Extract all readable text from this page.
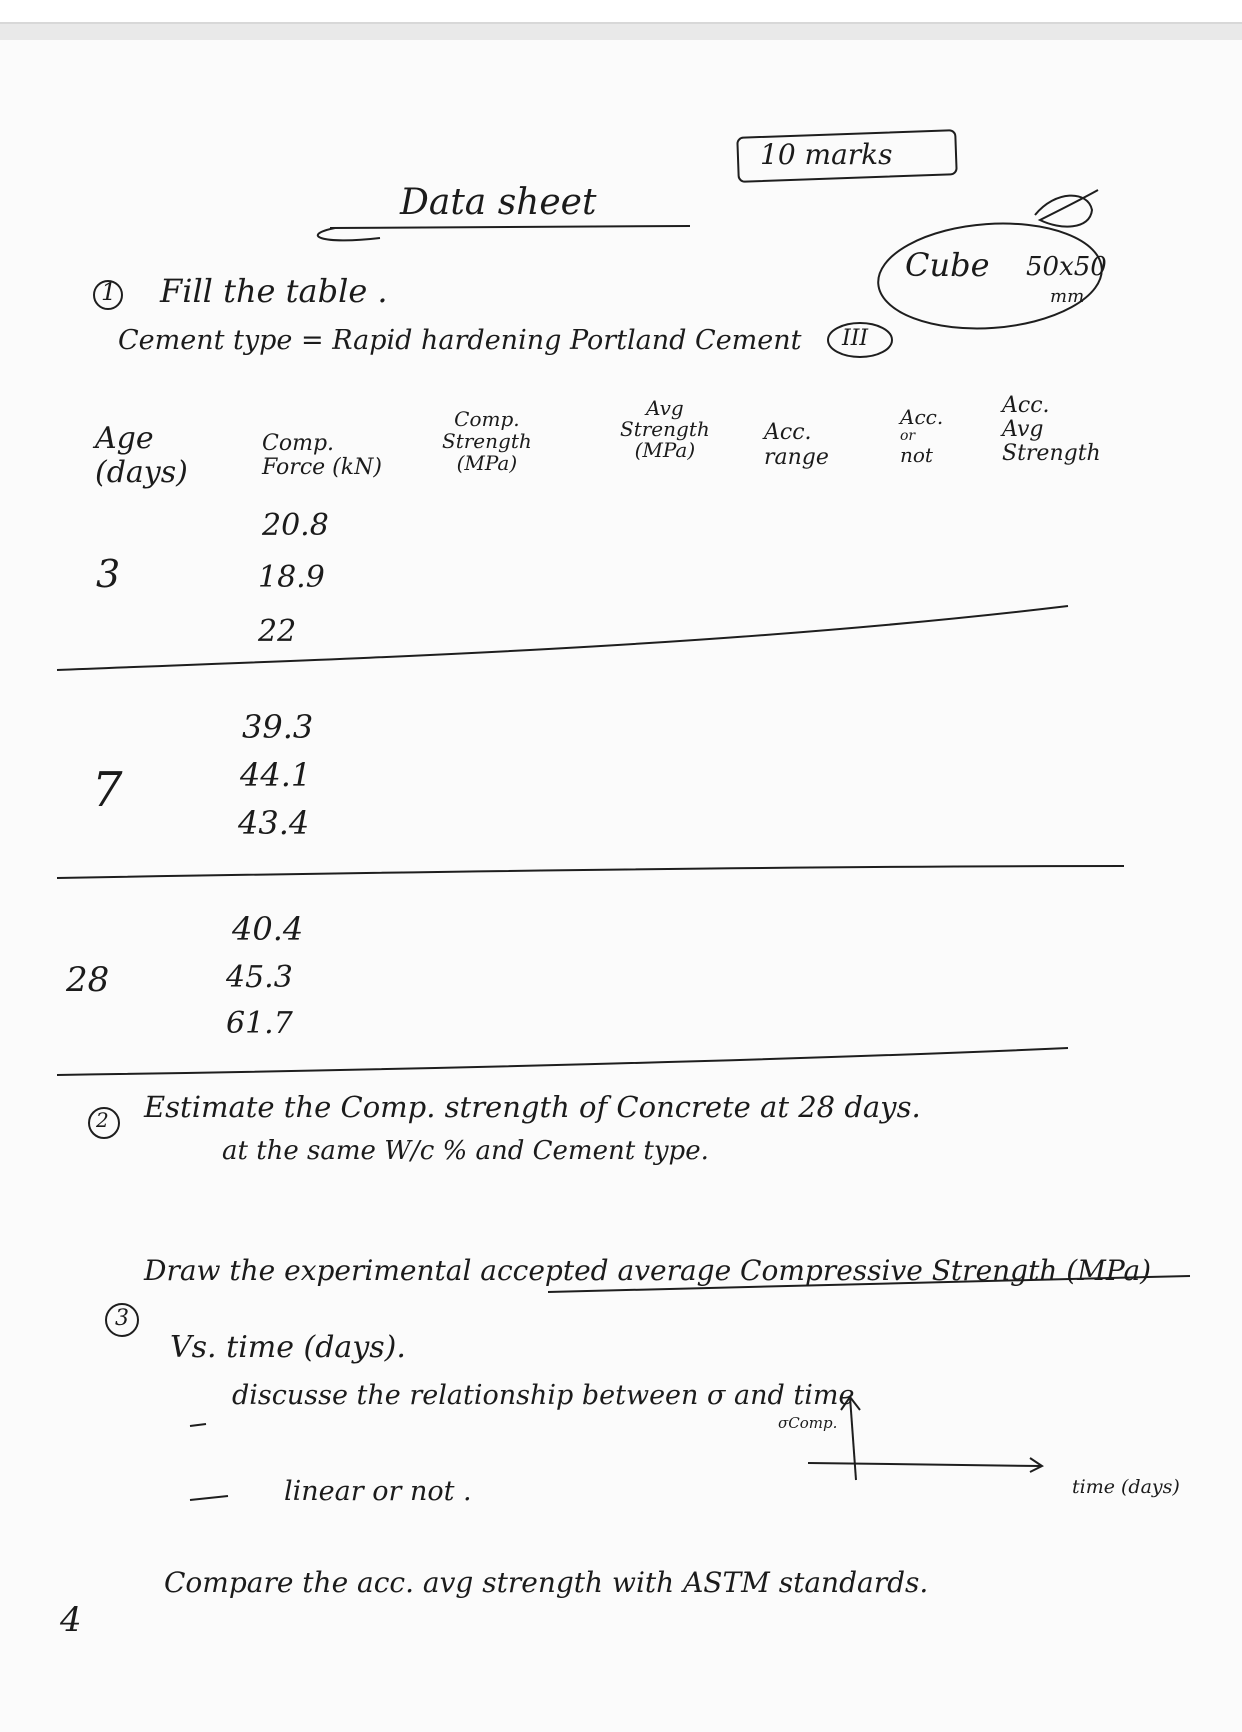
Data sheet
10 marks
Cube 50x50
mm
1 Fill the table .
Cement type = Rapid hardening Portland Cement III
Age
(days)
Comp.
Force (kN)
Comp.
Strength
(MPa)
Avg
Strength
(MPa)
Acc.
range
Acc.
or
not
Acc.
Avg
Strength
3
20.8
18.9
22
7
39.3
44.1
43.4
28
40.4
45.3
61.7
2 Estimate the Comp. strength of Concrete at 28 days.
at the same W/c % and Cement type.
3
Draw the experimental accepted average Compressive Strength (MPa)
Vs. time (days).
discusse the relationship between σ and time
linear or not .
σComp.
time (days)
4
Compare the acc. avg strength with ASTM standards.
